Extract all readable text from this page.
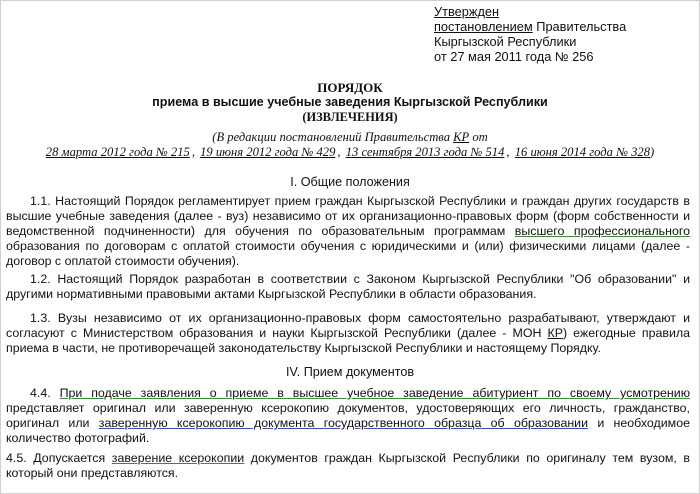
Утвержден
постановлением Правительства
Кыргызской Республики
от 27 мая 2011 года № 256
ПОРЯДОК
приема в высшие учебные заведения Кыргызской Республики
(ИЗВЛЕЧЕНИЯ)
(В редакции постановлений Правительства КР от
28 марта 2012 года № 215 , 19 июня 2012 года № 429 , 13 сентября 2013 года № 514 , 16 июня 2014 года № 328)
I. Общие положения
1.1. Настоящий Порядок регламентирует прием граждан Кыргызской Республики и граждан других государств в высшие учебные заведения (далее - вуз) независимо от их организационно-правовых форм (форм собственности и ведомственной подчиненности) для обучения по образовательным программам высшего профессионального образования по договорам с оплатой стоимости обучения с юридическими и (или) физическими лицами (далее - договор с оплатой стоимости обучения).
1.2. Настоящий Порядок разработан в соответствии с Законом Кыргызской Республики "Об образовании" и другими нормативными правовыми актами Кыргызской Республики в области образования.
1.3. Вузы независимо от их организационно-правовых форм самостоятельно разрабатывают, утверждают и согласуют с Министерством образования и науки Кыргызской Республики (далее - МОН КР) ежегодные правила приема в части, не противоречащей законодательству Кыргызской Республики и настоящему Порядку.
IV. Прием документов
4.4. При подаче заявления о приеме в высшее учебное заведение абитуриент по своему усмотрению представляет оригинал или заверенную ксерокопию документов, удостоверяющих его личность, гражданство, оригинал или заверенную ксерокопию документа государственного образца об образовании и необходимое количество фотографий.
4.5. Допускается заверение ксерокопии документов граждан Кыргызской Республики по оригиналу тем вузом, в который они представляются.
